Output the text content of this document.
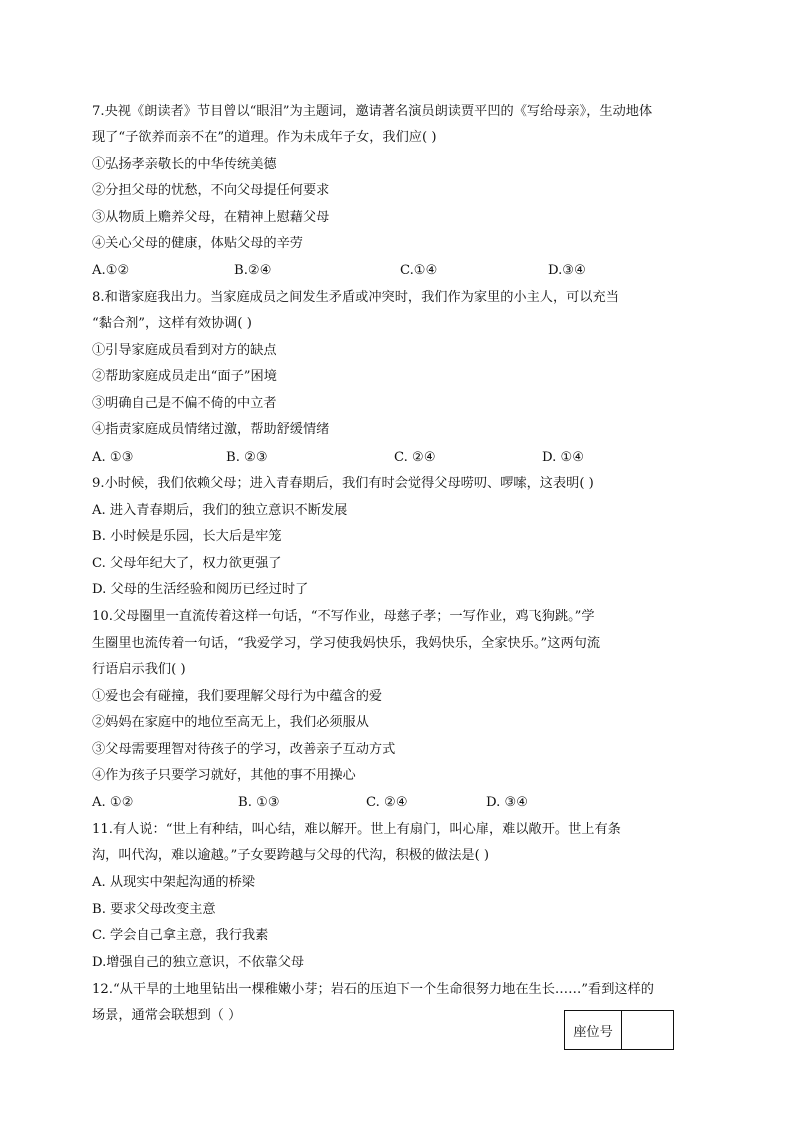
7.央视《朗读者》节目曾以“眼泪”为主题词，邀请著名演员朗读贾平凹的《写给母亲》，生动地体
现了“子欲养而亲不在”的道理。作为未成年子女，我们应( )
①弘扬孝亲敬长的中华传统美德
②分担父母的忧愁，不向父母提任何要求
③从物质上赡养父母，在精神上慰藉父母
④关心父母的健康，体贴父母的辛劳
A.①②	B.②④	C.①④	D.③④
8.和谐家庭我出力。当家庭成员之间发生矛盾或冲突时，我们作为家里的小主人，可以充当
“黏合剂”，这样有效协调( )
①引导家庭成员看到对方的缺点
②帮助家庭成员走出“面子”困境
③明确自己是不偏不倚的中立者
④指责家庭成员情绪过激，帮助舒缓情绪
A. ①③	B. ②③	C. ②④	D. ①④
9.小时候，我们依赖父母；进入青春期后，我们有时会觉得父母唠叨、啰嗦，这表明( )
A. 进入青春期后，我们的独立意识不断发展
B. 小时候是乐园，长大后是牢笼
C. 父母年纪大了，权力欲更强了
D. 父母的生活经验和阅历已经过时了
10.父母圈里一直流传着这样一句话，“不写作业，母慈子孝；一写作业，鸡飞狗跳。”学
生圈里也流传着一句话，“我爱学习，学习使我妈快乐，我妈快乐，全家快乐。”这两句流
行语启示我们( )
①爱也会有碰撞，我们要理解父母行为中蕴含的爱
②妈妈在家庭中的地位至高无上，我们必须服从
③父母需要理智对待孩子的学习，改善亲子互动方式
④作为孩子只要学习就好，其他的事不用操心
A. ①②	B. ①③	C. ②④	D. ③④
11.有人说：“世上有种结，叫心结，难以解开。世上有扇门，叫心扉，难以敞开。世上有条
沟，叫代沟，难以逾越。”子女要跨越与父母的代沟，积极的做法是( )
A. 从现实中架起沟通的桥梁
B. 要求父母改变主意
C. 学会自己拿主意，我行我素
D.增强自己的独立意识，不依靠父母
12.“从干旱的土地里钻出一棵稚嫩小芽；岩石的压迫下一个生命很努力地在生长……”看到这样的
场景，通常会联想到（ ）
座位号
